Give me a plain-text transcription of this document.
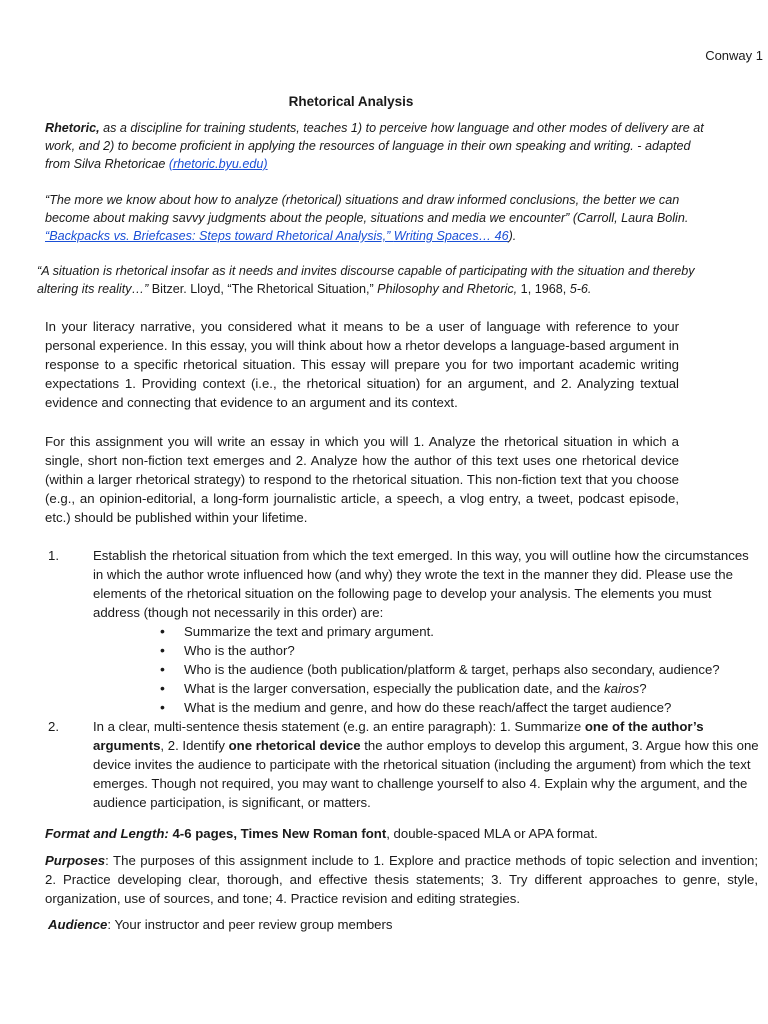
Conway 1
Rhetorical Analysis
Rhetoric, as a discipline for training students, teaches 1) to perceive how language and other modes of delivery are at work, and 2) to become proficient in applying the resources of language in their own speaking and writing. - adapted from Silva Rhetoricae (rhetoric.byu.edu)
“The more we know about how to analyze (rhetorical) situations and draw informed conclusions, the better we can become about making savvy judgments about the people, situations and media we encounter” (Carroll, Laura Bolin. “Backpacks vs. Briefcases: Steps toward Rhetorical Analysis,” Writing Spaces… 46).
“A situation is rhetorical insofar as it needs and invites discourse capable of participating with the situation and thereby altering its reality…” Bitzer. Lloyd, “The Rhetorical Situation,” Philosophy and Rhetoric, 1, 1968, 5-6.
In your literacy narrative, you considered what it means to be a user of language with reference to your personal experience. In this essay, you will think about how a rhetor develops a language-based argument in response to a specific rhetorical situation. This essay will prepare you for two important academic writing expectations 1. Providing context (i.e., the rhetorical situation) for an argument, and 2. Analyzing textual evidence and connecting that evidence to an argument and its context.
For this assignment you will write an essay in which you will 1. Analyze the rhetorical situation in which a single, short non-fiction text emerges and 2. Analyze how the author of this text uses one rhetorical device (within a larger rhetorical strategy) to respond to the rhetorical situation. This non-fiction text that you choose (e.g., an opinion-editorial, a long-form journalistic article, a speech, a vlog entry, a tweet, podcast episode, etc.) should be published within your lifetime.
1.	Establish the rhetorical situation from which the text emerged. In this way, you will outline how the circumstances in which the author wrote influenced how (and why) they wrote the text in the manner they did. Please use the elements of the rhetorical situation on the following page to develop your analysis. The elements you must address (though not necessarily in this order) are:
• Summarize the text and primary argument.
• Who is the author?
• Who is the audience (both publication/platform & target, perhaps also secondary, audience?
• What is the larger conversation, especially the publication date, and the kairos?
• What is the medium and genre, and how do these reach/affect the target audience?
2.	In a clear, multi-sentence thesis statement (e.g. an entire paragraph): 1. Summarize one of the author’s arguments, 2. Identify one rhetorical device the author employs to develop this argument, 3. Argue how this one device invites the audience to participate with the rhetorical situation (including the argument) from which the text emerges. Though not required, you may want to challenge yourself to also 4. Explain why the argument, and the audience participation, is significant, or matters.
Format and Length: 4-6 pages, Times New Roman font, double-spaced MLA or APA format.
Purposes: The purposes of this assignment include to 1. Explore and practice methods of topic selection and invention; 2. Practice developing clear, thorough, and effective thesis statements; 3. Try different approaches to genre, style, organization, use of sources, and tone; 4. Practice revision and editing strategies.
Audience: Your instructor and peer review group members
